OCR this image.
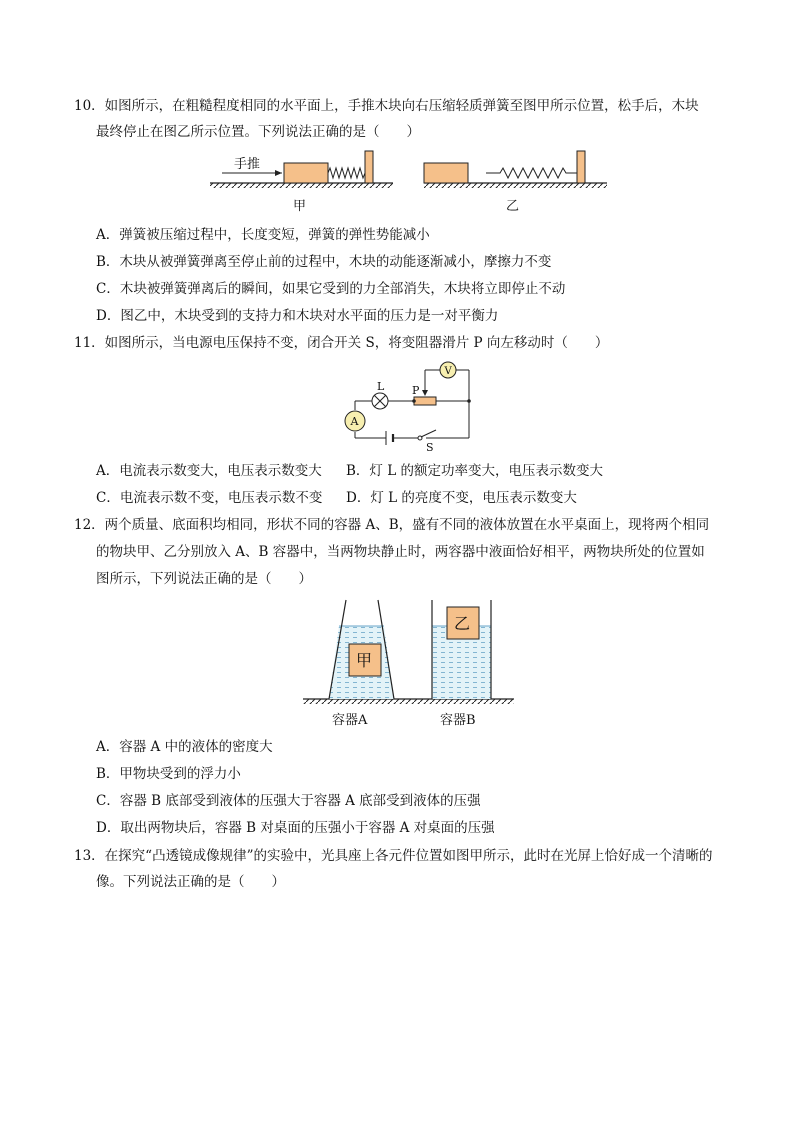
10．如图所示，在粗糙程度相同的水平面上，手推木块向右压缩轻质弹簧至图甲所示位置，松手后，木块
最终停止在图乙所示位置。下列说法正确的是（　　）
手推
甲	乙
A．弹簧被压缩过程中，长度变短，弹簧的弹性势能减小
B．木块从被弹簧弹离至停止前的过程中，木块的动能逐渐减小，摩擦力不变
C．木块被弹簧弹离后的瞬间，如果它受到的力全部消失，木块将立即停止不动
D．图乙中，木块受到的支持力和木块对水平面的压力是一对平衡力
11．如图所示，当电源电压保持不变，闭合开关 S，将变阻器滑片 P 向左移动时（　　）
L	P
V
A
S
A．电流表示数变大，电压表示数变大 B．灯 L 的额定功率变大，电压表示数变大
C．电流表示数不变，电压表示数不变 D．灯 L 的亮度不变，电压表示数变大
12．两个质量、底面积均相同，形状不同的容器 A、B，盛有不同的液体放置在水平桌面上，现将两个相同
的物块甲、乙分别放入 A、B 容器中，当两物块静止时，两容器中液面恰好相平，两物块所处的位置如
图所示，下列说法正确的是（　　）
甲
乙
容器A	容器B
A．容器 A 中的液体的密度大
B．甲物块受到的浮力小
C．容器 B 底部受到液体的压强大于容器 A 底部受到液体的压强
D．取出两物块后，容器 B 对桌面的压强小于容器 A 对桌面的压强
13．在探究“凸透镜成像规律”的实验中，光具座上各元件位置如图甲所示，此时在光屏上恰好成一个清晰的
像。下列说法正确的是（　　）
